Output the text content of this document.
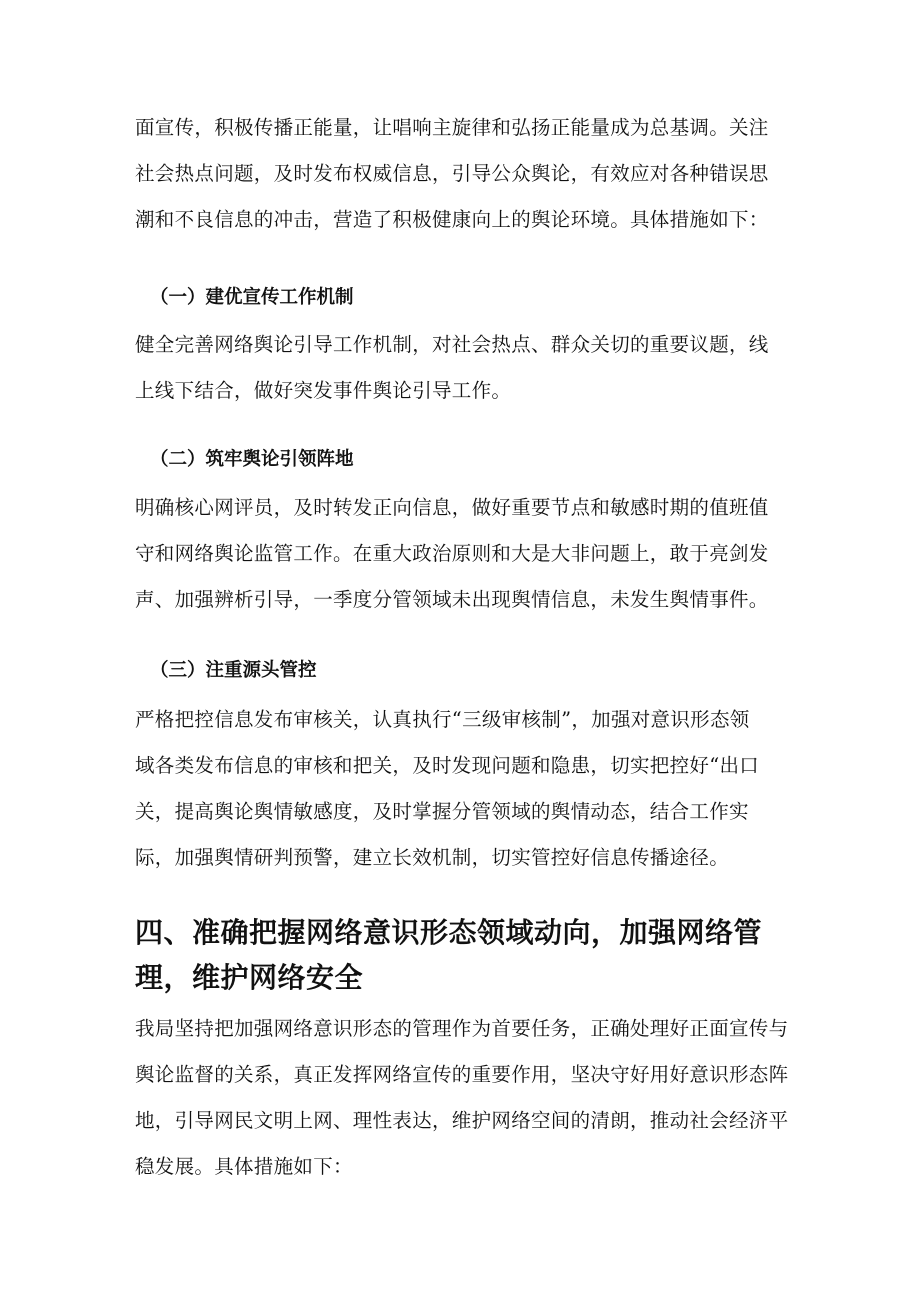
面宣传，积极传播正能量，让唱响主旋律和弘扬正能量成为总基调。关注
社会热点问题，及时发布权威信息，引导公众舆论，有效应对各种错误思
潮和不良信息的冲击，营造了积极健康向上的舆论环境。具体措施如下：
（一）建优宣传工作机制
健全完善网络舆论引导工作机制，对社会热点、群众关切的重要议题，线
上线下结合，做好突发事件舆论引导工作。
（二）筑牢舆论引领阵地
明确核心网评员，及时转发正向信息，做好重要节点和敏感时期的值班值
守和网络舆论监管工作。在重大政治原则和大是大非问题上，敢于亮剑发
声、加强辨析引导，一季度分管领域未出现舆情信息，未发生舆情事件。
（三）注重源头管控
严格把控信息发布审核关，认真执行“三级审核制”，加强对意识形态领
域各类发布信息的审核和把关，及时发现问题和隐患，切实把控好“出口
关，提高舆论舆情敏感度，及时掌握分管领域的舆情动态，结合工作实
际，加强舆情研判预警，建立长效机制，切实管控好信息传播途径。
四、准确把握网络意识形态领域动向，加强网络管
理，维护网络安全
我局坚持把加强网络意识形态的管理作为首要任务，正确处理好正面宣传与
舆论监督的关系，真正发挥网络宣传的重要作用，坚决守好用好意识形态阵
地，引导网民文明上网、理性表达，维护网络空间的清朗，推动社会经济平
稳发展。具体措施如下：
